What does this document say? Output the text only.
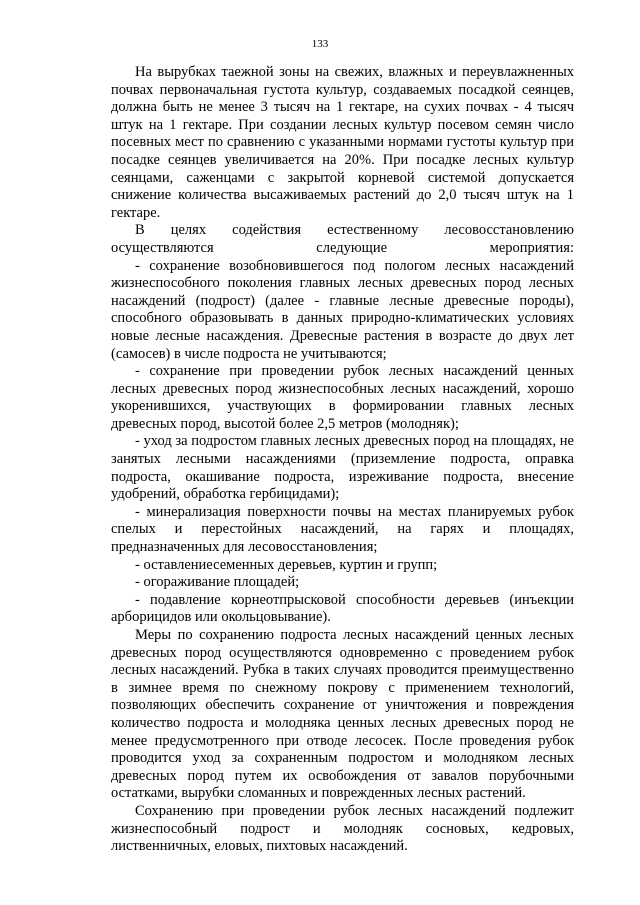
133

На вырубках таежной зоны на свежих, влажных и переувлажненных почвах первоначальная густота культур, создаваемых посадкой сеянцев, должна быть не менее 3 тысяч на 1 гектаре, на сухих почвах - 4 тысяч штук на 1 гектаре. При создании лесных культур посевом семян число посевных мест по сравнению с указанными нормами густоты культур при посадке сеянцев увеличивается на 20%. При посадке лесных культур сеянцами, саженцами с закрытой корневой системой допускается снижение количества высаживаемых растений до 2,0 тысяч штук на 1 гектаре.

В целях содействия естественному лесовосстановлению осуществляются следующие мероприятия:

- сохранение возобновившегося под пологом лесных насаждений жизнеспособного поколения главных лесных древесных пород лесных насаждений (подрост) (далее - главные лесные древесные породы), способного образовывать в данных природно-климатических условиях новые лесные насаждения. Древесные растения в возрасте до двух лет (самосев) в числе подроста не учитываются;

- сохранение при проведении рубок лесных насаждений ценных лесных древесных пород жизнеспособных лесных насаждений, хорошо укоренившихся, участвующих в формировании главных лесных древесных пород, высотой более 2,5 метров (молодняк);

- уход за подростом главных лесных древесных пород на площадях, не занятых лесными насаждениями (приземление подроста, оправка подроста, окашивание подроста, изреживание подроста, внесение удобрений, обработка гербицидами);

- минерализация поверхности почвы на местах планируемых рубок спелых и перестойных насаждений, на гарях и площадях, предназначенных для лесовосстановления;

- оставлениесеменных деревьев, куртин и групп;

- огораживание площадей;

- подавление корнеотпрысковой способности деревьев (инъекции арборицидов или окольцовывание).

Меры по сохранению подроста лесных насаждений ценных лесных древесных пород осуществляются одновременно с проведением рубок лесных насаждений. Рубка в таких случаях проводится преимущественно в зимнее время по снежному покрову с применением технологий, позволяющих обеспечить сохранение от уничтожения и повреждения количество подроста и молодняка ценных лесных древесных пород не менее предусмотренного при отводе лесосек. После проведения рубок проводится уход за сохраненным подростом и молодняком лесных древесных пород путем их освобождения от завалов порубочными остатками, вырубки сломанных и поврежденных лесных растений.

Сохранению при проведении рубок лесных насаждений подлежит жизнеспособный подрост и молодняк сосновых, кедровых, лиственничных, еловых, пихтовых насаждений.
